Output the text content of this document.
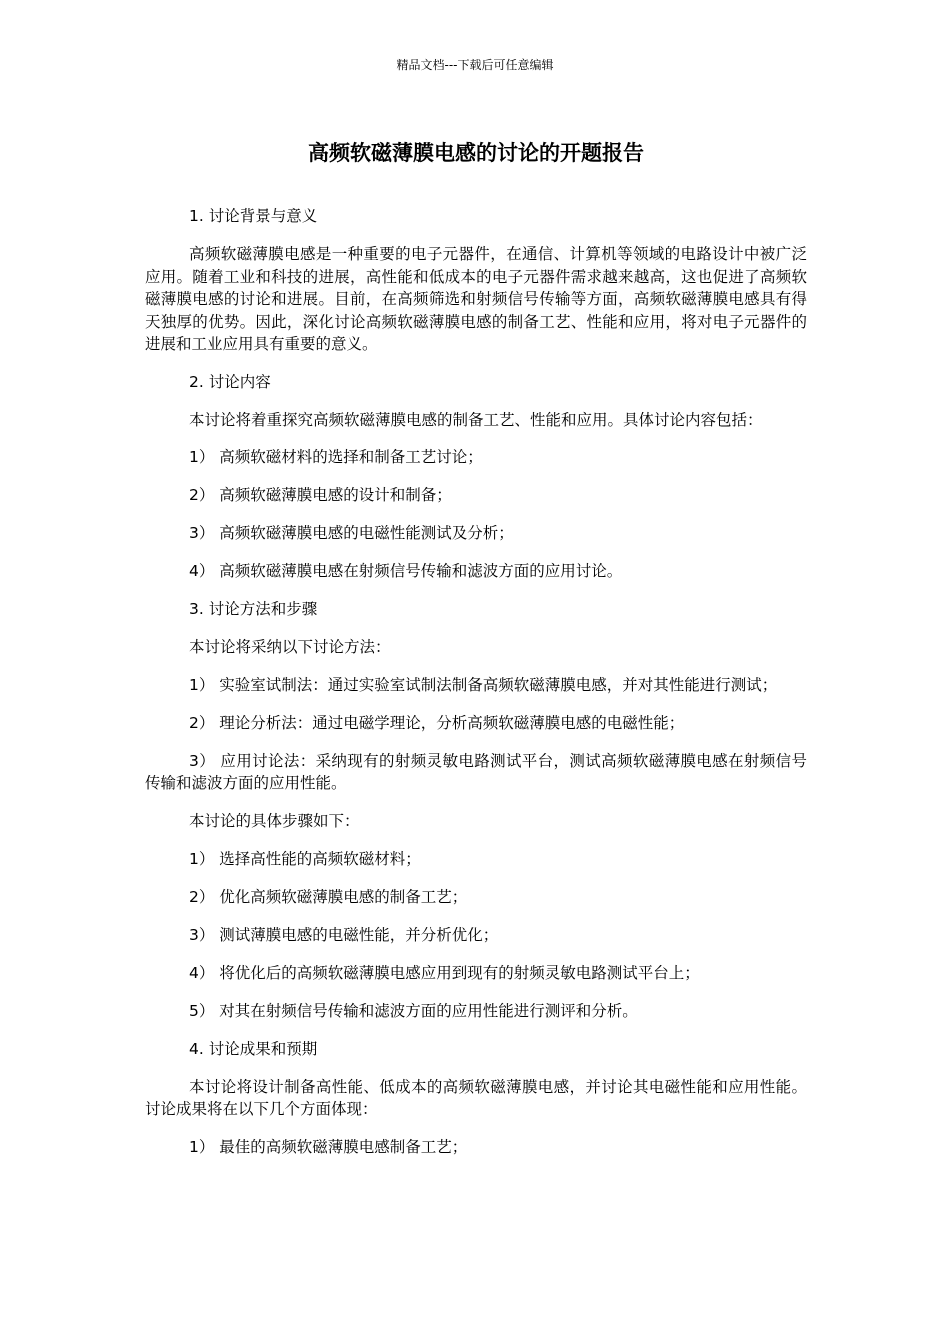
精品文档---下载后可任意编辑
高频软磁薄膜电感的讨论的开题报告

1. 讨论背景与意义

高频软磁薄膜电感是一种重要的电子元器件，在通信、计算机等领域的电路设计中被广泛应用。随着工业和科技的进展，高性能和低成本的电子元器件需求越来越高，这也促进了高频软磁薄膜电感的讨论和进展。目前，在高频筛选和射频信号传输等方面，高频软磁薄膜电感具有得天独厚的优势。因此，深化讨论高频软磁薄膜电感的制备工艺、性能和应用，将对电子元器件的进展和工业应用具有重要的意义。

2. 讨论内容

本讨论将着重探究高频软磁薄膜电感的制备工艺、性能和应用。具体讨论内容包括：

1） 高频软磁材料的选择和制备工艺讨论；

2） 高频软磁薄膜电感的设计和制备；

3） 高频软磁薄膜电感的电磁性能测试及分析；

4） 高频软磁薄膜电感在射频信号传输和滤波方面的应用讨论。

3. 讨论方法和步骤

本讨论将采纳以下讨论方法：

1） 实验室试制法：通过实验室试制法制备高频软磁薄膜电感，并对其性能进行测试；

2） 理论分析法：通过电磁学理论，分析高频软磁薄膜电感的电磁性能；

3） 应用讨论法：采纳现有的射频灵敏电路测试平台，测试高频软磁薄膜电感在射频信号传输和滤波方面的应用性能。

本讨论的具体步骤如下：

1） 选择高性能的高频软磁材料；

2） 优化高频软磁薄膜电感的制备工艺；

3） 测试薄膜电感的电磁性能，并分析优化；

4） 将优化后的高频软磁薄膜电感应用到现有的射频灵敏电路测试平台上；

5） 对其在射频信号传输和滤波方面的应用性能进行测评和分析。

4. 讨论成果和预期

本讨论将设计制备高性能、低成本的高频软磁薄膜电感，并讨论其电磁性能和应用性能。讨论成果将在以下几个方面体现：

1） 最佳的高频软磁薄膜电感制备工艺；
